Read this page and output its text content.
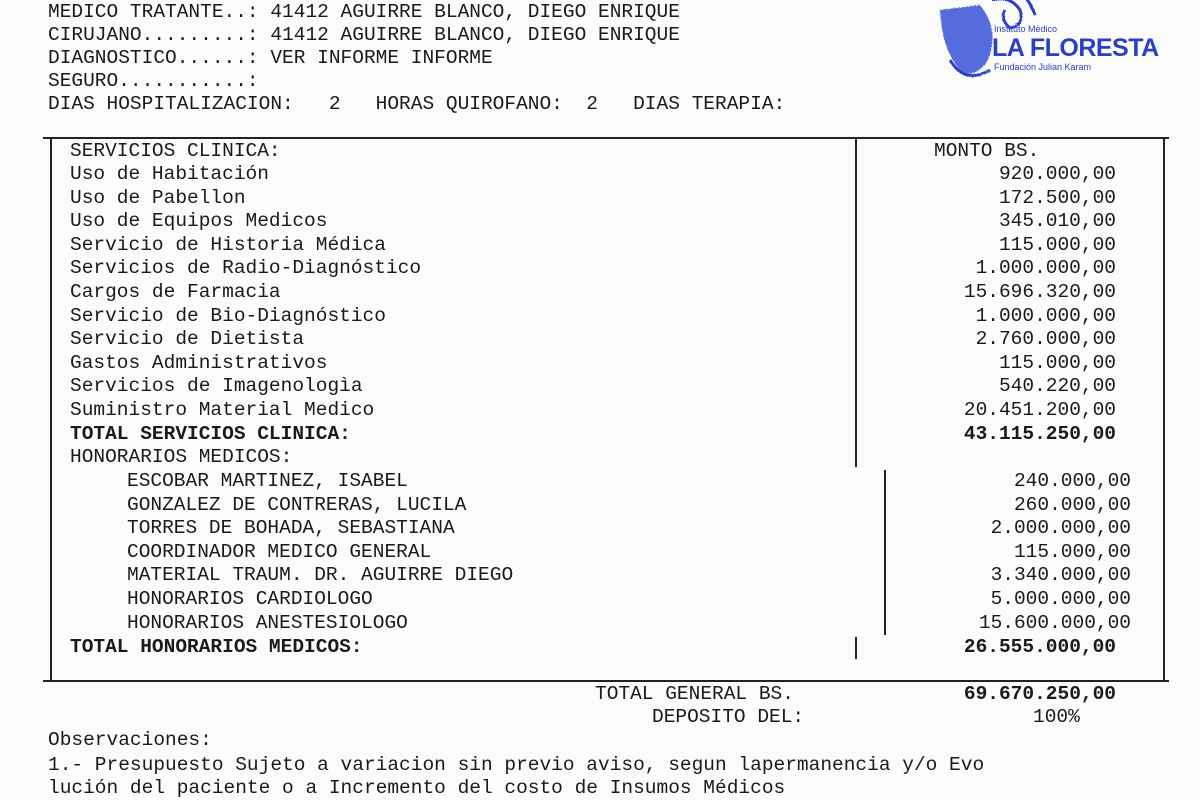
MEDICO TRATANTE..: 41412 AGUIRRE BLANCO, DIEGO ENRIQUE
CIRUJANO.........: 41412 AGUIRRE BLANCO, DIEGO ENRIQUE
DIAGNOSTICO......: VER INFORME INFORME
SEGURO...........:
DIAS HOSPITALIZACION:   2   HORAS QUIROFANO:  2   DIAS TERAPIA:
Instituto Médico
LA FLORESTA
Fundación Julian Karam
SERVICIOS CLINICA:	MONTO BS.
Uso de Habitación	920.000,00
Uso de Pabellon	172.500,00
Uso de Equipos Medicos	345.010,00
Servicio de Historia Médica	115.000,00
Servicios de Radio-Diagnóstico	1.000.000,00
Cargos de Farmacia	15.696.320,00
Servicio de Bio-Diagnóstico	1.000.000,00
Servicio de Dietista	2.760.000,00
Gastos Administrativos	115.000,00
Servicios de Imagenologìa	540.220,00
Suministro Material Medico	20.451.200,00
TOTAL SERVICIOS CLINICA:	43.115.250,00
HONORARIOS MEDICOS:
ESCOBAR MARTINEZ, ISABEL	240.000,00
GONZALEZ DE CONTRERAS, LUCILA	260.000,00
TORRES DE BOHADA, SEBASTIANA	2.000.000,00
COORDINADOR MEDICO GENERAL	115.000,00
MATERIAL TRAUM. DR. AGUIRRE DIEGO	3.340.000,00
HONORARIOS CARDIOLOGO	5.000.000,00
HONORARIOS ANESTESIOLOGO	15.600.000,00
TOTAL HONORARIOS MEDICOS:	26.555.000,00
TOTAL GENERAL BS.	69.670.250,00
DEPOSITO DEL:	100%
Observaciones:
1.- Presupuesto Sujeto a variacion sin previo aviso, segun lapermanencia y/o Evo
lución del paciente o a Incremento del costo de Insumos Médicos
